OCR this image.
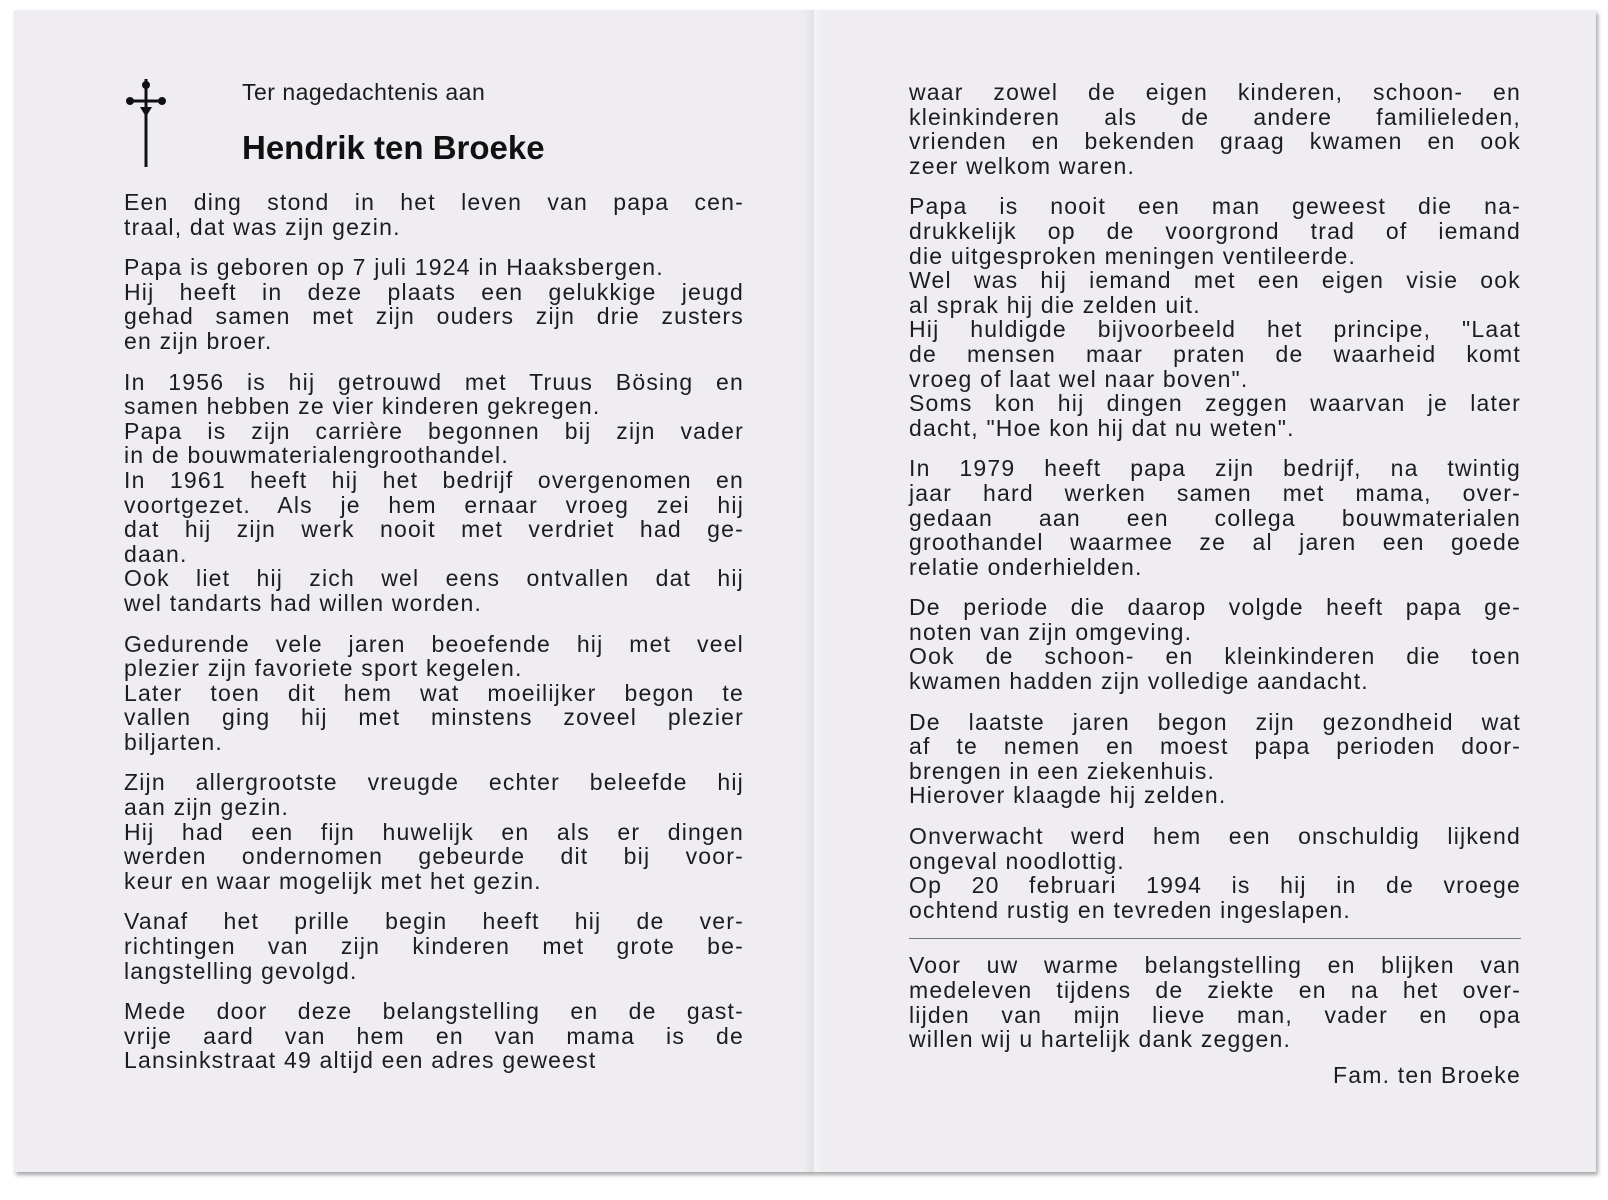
Ter nagedachtenis aan
Hendrik ten Broeke
Een ding stond in het leven van papa cen-
traal, dat was zijn gezin.
Papa is geboren op 7 juli 1924 in Haaksbergen.
Hij heeft in deze plaats een gelukkige jeugd
gehad samen met zijn ouders zijn drie zusters
en zijn broer.
In 1956 is hij getrouwd met Truus Bösing en
samen hebben ze vier kinderen gekregen.
Papa is zijn carrière begonnen bij zijn vader
in de bouwmaterialengroothandel.
In 1961 heeft hij het bedrijf overgenomen en
voortgezet. Als je hem ernaar vroeg zei hij
dat hij zijn werk nooit met verdriet had ge-
daan.
Ook liet hij zich wel eens ontvallen dat hij
wel tandarts had willen worden.
Gedurende vele jaren beoefende hij met veel
plezier zijn favoriete sport kegelen.
Later toen dit hem wat moeilijker begon te
vallen ging hij met minstens zoveel plezier
biljarten.
Zijn allergrootste vreugde echter beleefde hij
aan zijn gezin.
Hij had een fijn huwelijk en als er dingen
werden ondernomen gebeurde dit bij voor-
keur en waar mogelijk met het gezin.
Vanaf het prille begin heeft hij de ver-
richtingen van zijn kinderen met grote be-
langstelling gevolgd.
Mede door deze belangstelling en de gast-
vrije aard van hem en van mama is de
Lansinkstraat 49 altijd een adres geweest
waar zowel de eigen kinderen, schoon- en
kleinkinderen als de andere familieleden,
vrienden en bekenden graag kwamen en ook
zeer welkom waren.
Papa is nooit een man geweest die na-
drukkelijk op de voorgrond trad of iemand
die uitgesproken meningen ventileerde.
Wel was hij iemand met een eigen visie ook
al sprak hij die zelden uit.
Hij huldigde bijvoorbeeld het principe, "Laat
de mensen maar praten de waarheid komt
vroeg of laat wel naar boven".
Soms kon hij dingen zeggen waarvan je later
dacht, "Hoe kon hij dat nu weten".
In 1979 heeft papa zijn bedrijf, na twintig
jaar hard werken samen met mama, over-
gedaan aan een collega bouwmaterialen
groothandel waarmee ze al jaren een goede
relatie onderhielden.
De periode die daarop volgde heeft papa ge-
noten van zijn omgeving.
Ook de schoon- en kleinkinderen die toen
kwamen hadden zijn volledige aandacht.
De laatste jaren begon zijn gezondheid wat
af te nemen en moest papa perioden door-
brengen in een ziekenhuis.
Hierover klaagde hij zelden.
Onverwacht werd hem een onschuldig lijkend
ongeval noodlottig.
Op 20 februari 1994 is hij in de vroege
ochtend rustig en tevreden ingeslapen.
Voor uw warme belangstelling en blijken van
medeleven tijdens de ziekte en na het over-
lijden van mijn lieve man, vader en opa
willen wij u hartelijk dank zeggen.
Fam. ten Broeke
